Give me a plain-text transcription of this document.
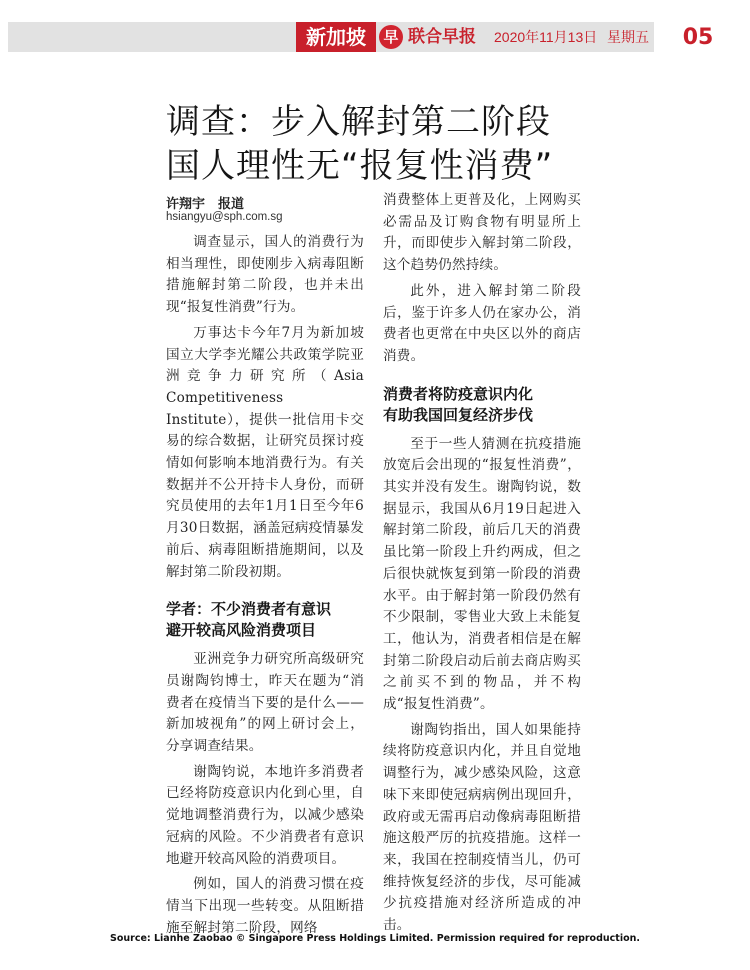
新加坡	早 联合早报 2020年11月13日 星期五	05
调查：步入解封第二阶段
国人理性无“报复性消费”
许翔宇　报道
hsiangyu@sph.com.sg

调查显示，国人的消费行为相当理性，即使刚步入病毒阻断措施解封第二阶段，也并未出现“报复性消费”行为。

万事达卡今年7月为新加坡国立大学李光耀公共政策学院亚洲竞争力研究所（Asia Competitiveness Institute），提供一批信用卡交易的综合数据，让研究员探讨疫情如何影响本地消费行为。有关数据并不公开持卡人身份，而研究员使用的去年1月1日至今年6月30日数据，涵盖冠病疫情暴发前后、病毒阻断措施期间，以及解封第二阶段初期。

学者：不少消费者有意识
避开较高风险消费项目

亚洲竞争力研究所高级研究员谢陶钧博士，昨天在题为“消费者在疫情当下要的是什么——新加坡视角”的网上研讨会上，分享调查结果。

谢陶钧说，本地许多消费者已经将防疫意识内化到心里，自觉地调整消费行为，以减少感染冠病的风险。不少消费者有意识地避开较高风险的消费项目。

例如，国人的消费习惯在疫情当下出现一些转变。从阻断措施至解封第二阶段，网络

消费整体上更普及化，上网购买必需品及订购食物有明显所上升，而即使步入解封第二阶段，这个趋势仍然持续。

此外，进入解封第二阶段后，鉴于许多人仍在家办公，消费者也更常在中央区以外的商店消费。

消费者将防疫意识内化
有助我国回复经济步伐

至于一些人猜测在抗疫措施放宽后会出现的“报复性消费”，其实并没有发生。谢陶钧说，数据显示，我国从6月19日起进入解封第二阶段，前后几天的消费虽比第一阶段上升约两成，但之后很快就恢复到第一阶段的消费水平。由于解封第一阶段仍然有不少限制，零售业大致上未能复工，他认为，消费者相信是在解封第二阶段启动后前去商店购买之前买不到的物品，并不构成“报复性消费”。

谢陶钧指出，国人如果能持续将防疫意识内化，并且自觉地调整行为，减少感染风险，这意味下来即使冠病病例出现回升，政府或无需再启动像病毒阻断措施这般严厉的抗疫措施。这样一来，我国在控制疫情当儿，仍可维持恢复经济的步伐，尽可能减少抗疫措施对经济所造成的冲击。

Source: Lianhe Zaobao © Singapore Press Holdings Limited. Permission required for reproduction.
